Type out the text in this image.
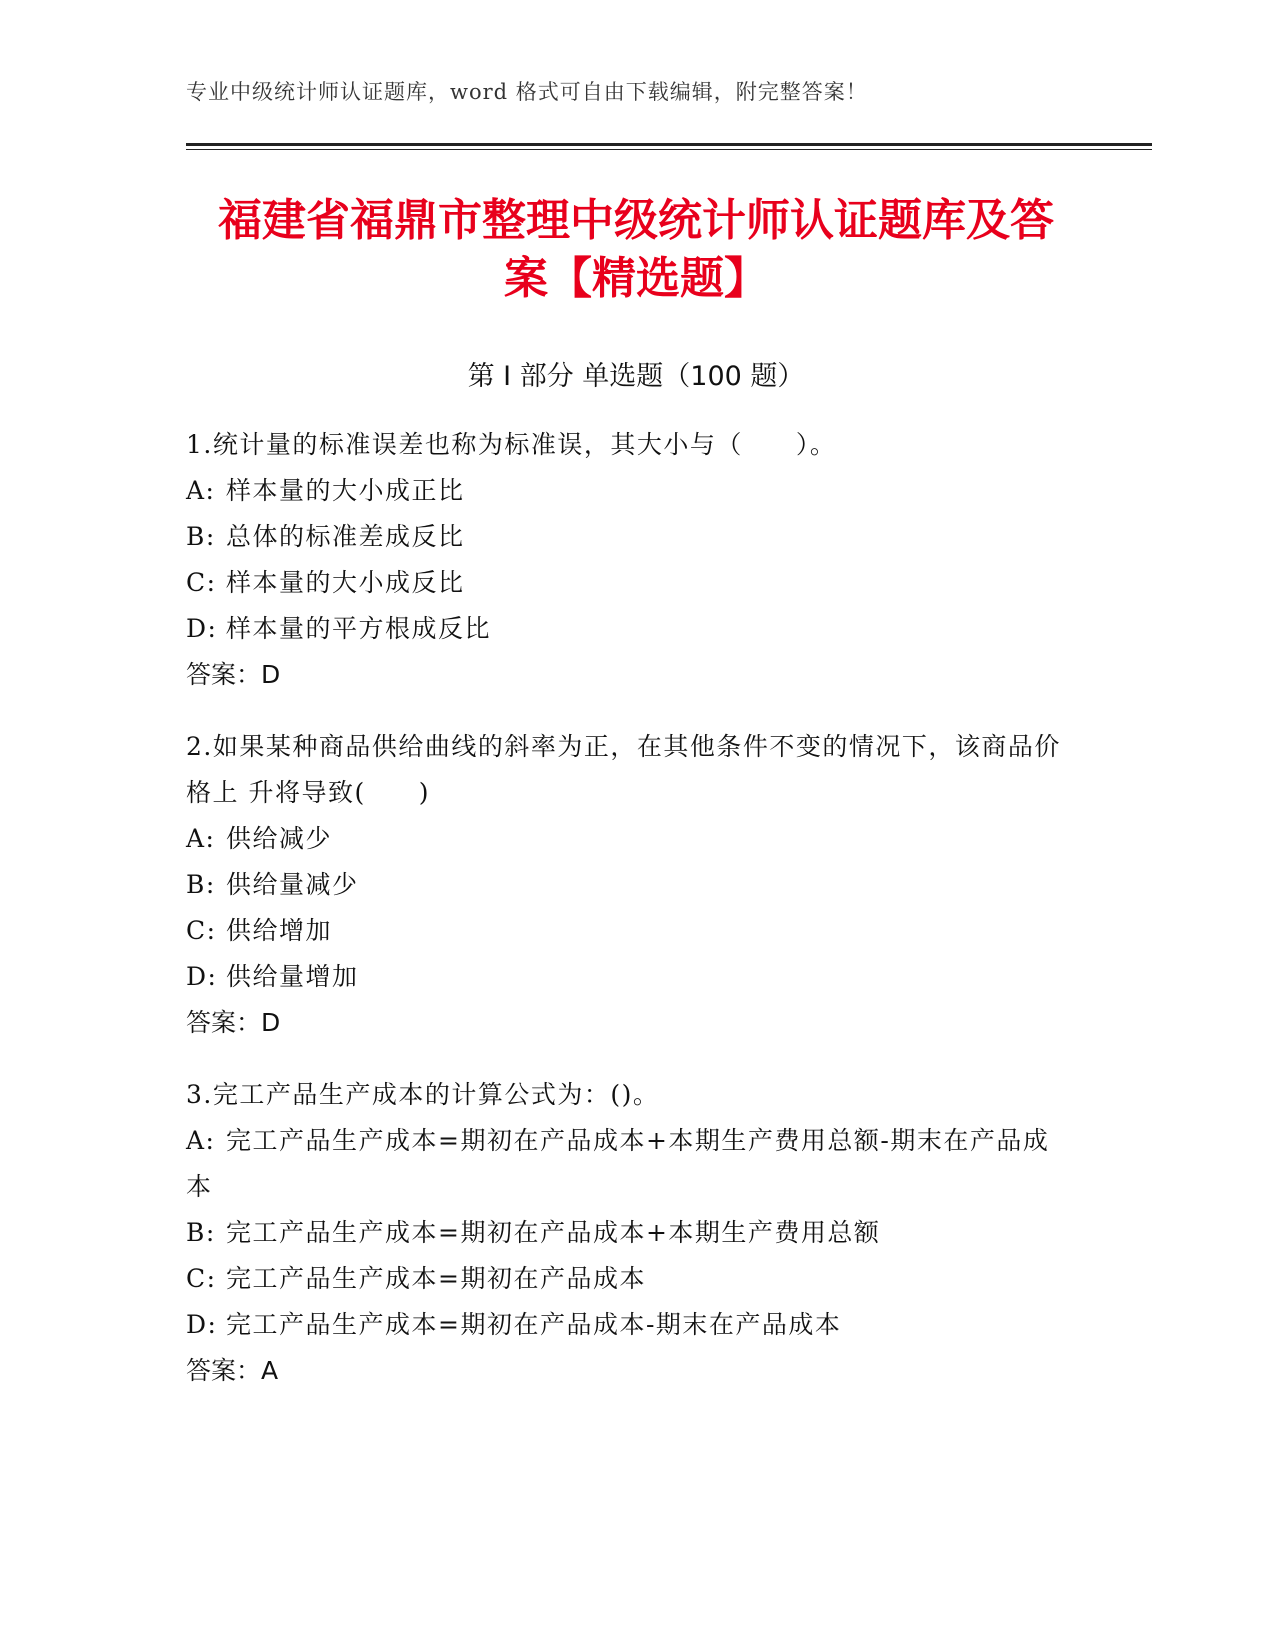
专业中级统计师认证题库，word 格式可自由下载编辑，附完整答案！
福建省福鼎市整理中级统计师认证题库及答
案【精选题】
第 I 部分 单选题（100 题）
1.统计量的标准误差也称为标准误，其大小与（　　）。
A: 样本量的大小成正比
B: 总体的标准差成反比
C: 样本量的大小成反比
D: 样本量的平方根成反比
答案：D
2.如果某种商品供给曲线的斜率为正，在其他条件不变的情况下，该商品价格上 升将导致(　　)
A: 供给减少
B: 供给量减少
C: 供给增加
D: 供给量增加
答案：D
3.完工产品生产成本的计算公式为：()。
A: 完工产品生产成本=期初在产品成本+本期生产费用总额-期末在产品成本
B: 完工产品生产成本=期初在产品成本+本期生产费用总额
C: 完工产品生产成本=期初在产品成本
D: 完工产品生产成本=期初在产品成本-期末在产品成本
答案：A
